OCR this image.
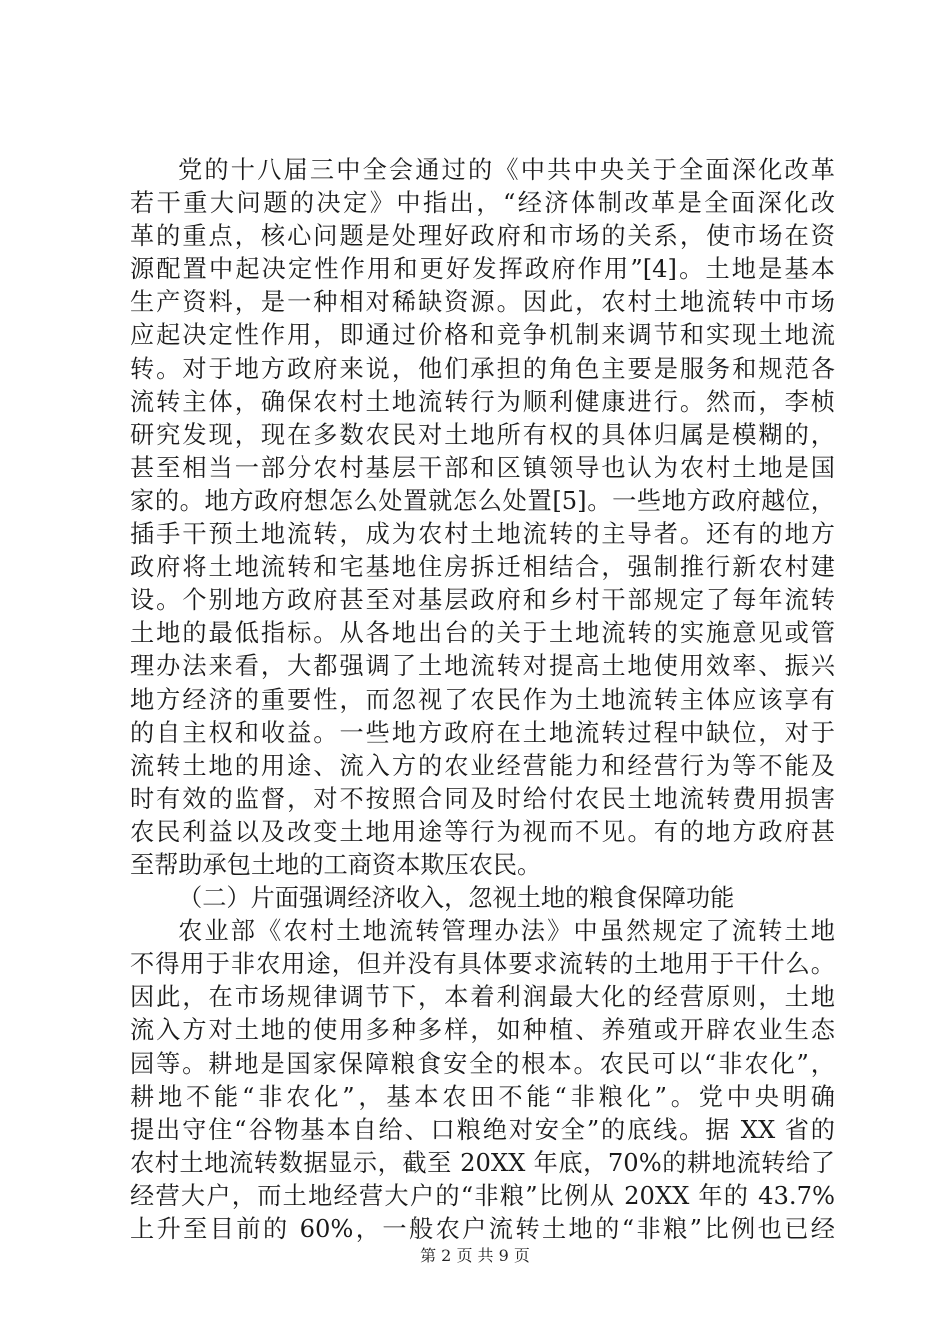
党的十八届三中全会通过的《中共中央关于全面深化改革
若干重大问题的决定》中指出，“经济体制改革是全面深化改
革的重点，核心问题是处理好政府和市场的关系，使市场在资
源配置中起决定性作用和更好发挥政府作用”[4]。土地是基本
生产资料，是一种相对稀缺资源。因此，农村土地流转中市场
应起决定性作用，即通过价格和竞争机制来调节和实现土地流
转。对于地方政府来说，他们承担的角色主要是服务和规范各
流转主体，确保农村土地流转行为顺利健康进行。然而，李桢
研究发现，现在多数农民对土地所有权的具体归属是模糊的，
甚至相当一部分农村基层干部和区镇领导也认为农村土地是国
家的。地方政府想怎么处置就怎么处置[5]。一些地方政府越位，
插手干预土地流转，成为农村土地流转的主导者。还有的地方
政府将土地流转和宅基地住房拆迁相结合，强制推行新农村建
设。个别地方政府甚至对基层政府和乡村干部规定了每年流转
土地的最低指标。从各地出台的关于土地流转的实施意见或管
理办法来看，大都强调了土地流转对提高土地使用效率、振兴
地方经济的重要性，而忽视了农民作为土地流转主体应该享有
的自主权和收益。一些地方政府在土地流转过程中缺位，对于
流转土地的用途、流入方的农业经营能力和经营行为等不能及
时有效的监督，对不按照合同及时给付农民土地流转费用损害
农民利益以及改变土地用途等行为视而不见。有的地方政府甚
至帮助承包土地的工商资本欺压农民。
（二）片面强调经济收入，忽视土地的粮食保障功能
农业部《农村土地流转管理办法》中虽然规定了流转土地
不得用于非农用途，但并没有具体要求流转的土地用于干什么。
因此，在市场规律调节下，本着利润最大化的经营原则，土地
流入方对土地的使用多种多样，如种植、养殖或开辟农业生态
园等。耕地是国家保障粮食安全的根本。农民可以“非农化”，
耕地不能“非农化”，基本农田不能“非粮化”。党中央明确
提出守住“谷物基本自给、口粮绝对安全”的底线。据 XX 省的
农村土地流转数据显示，截至 20XX 年底，70%的耕地流转给了
经营大户，而土地经营大户的“非粮”比例从 20XX 年的 43.7%
上升至目前的 60%，一般农户流转土地的“非粮”比例也已经
第 2 页 共 9 页
